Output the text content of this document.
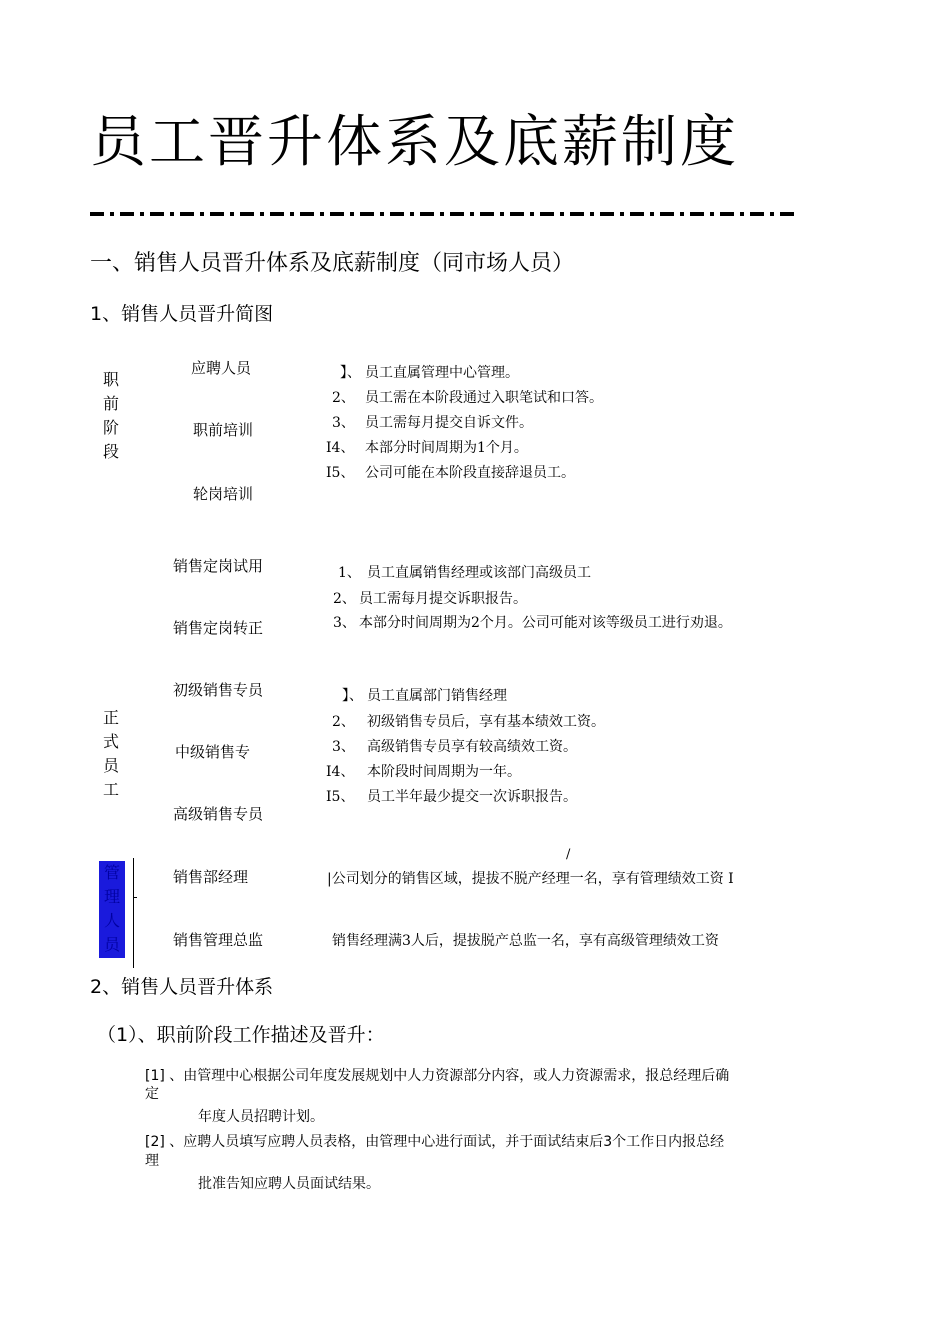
员工晋升体系及底薪制度
一、销售人员晋升体系及底薪制度（同市场人员）
1、销售人员晋升简图
职前阶段
应聘人员
职前培训
轮岗培训
】、 员工直属管理中心管理。
2、 员工需在本阶段通过入职笔试和口答。
3、 员工需每月提交自诉文件。
I4、 本部分时间周期为1个月。
I5、 公司可能在本阶段直接辞退员工。
销售定岗试用
销售定岗转正
1、 员工直属销售经理或该部门高级员工
2、 员工需每月提交诉职报告。
3、 本部分时间周期为2个月。公司可能对该等级员工进行劝退。
正式员工
初级销售专员
中级销售专
高级销售专员
】、 员工直属部门销售经理
2、 初级销售专员后，享有基本绩效工资。
3、 高级销售专员享有较高绩效工资。
I4、 本阶段时间周期为一年。
I5、 员工半年最少提交一次诉职报告。
管理人员
销售部经理
销售管理总监
/
|公司划分的销售区域，提拔不脱产经理一名，享有管理绩效工资 I
销售经理满3人后，提拔脱产总监一名，享有高级管理绩效工资
2、销售人员晋升体系
（1）、职前阶段工作描述及晋升：
[1] 、由管理中心根据公司年度发展规划中人力资源部分内容，或人力资源需求，报总经理后确
定
年度人员招聘计划。
[2] 、应聘人员填写应聘人员表格，由管理中心进行面试，并于面试结束后3个工作日内报总经
理
批准告知应聘人员面试结果。
